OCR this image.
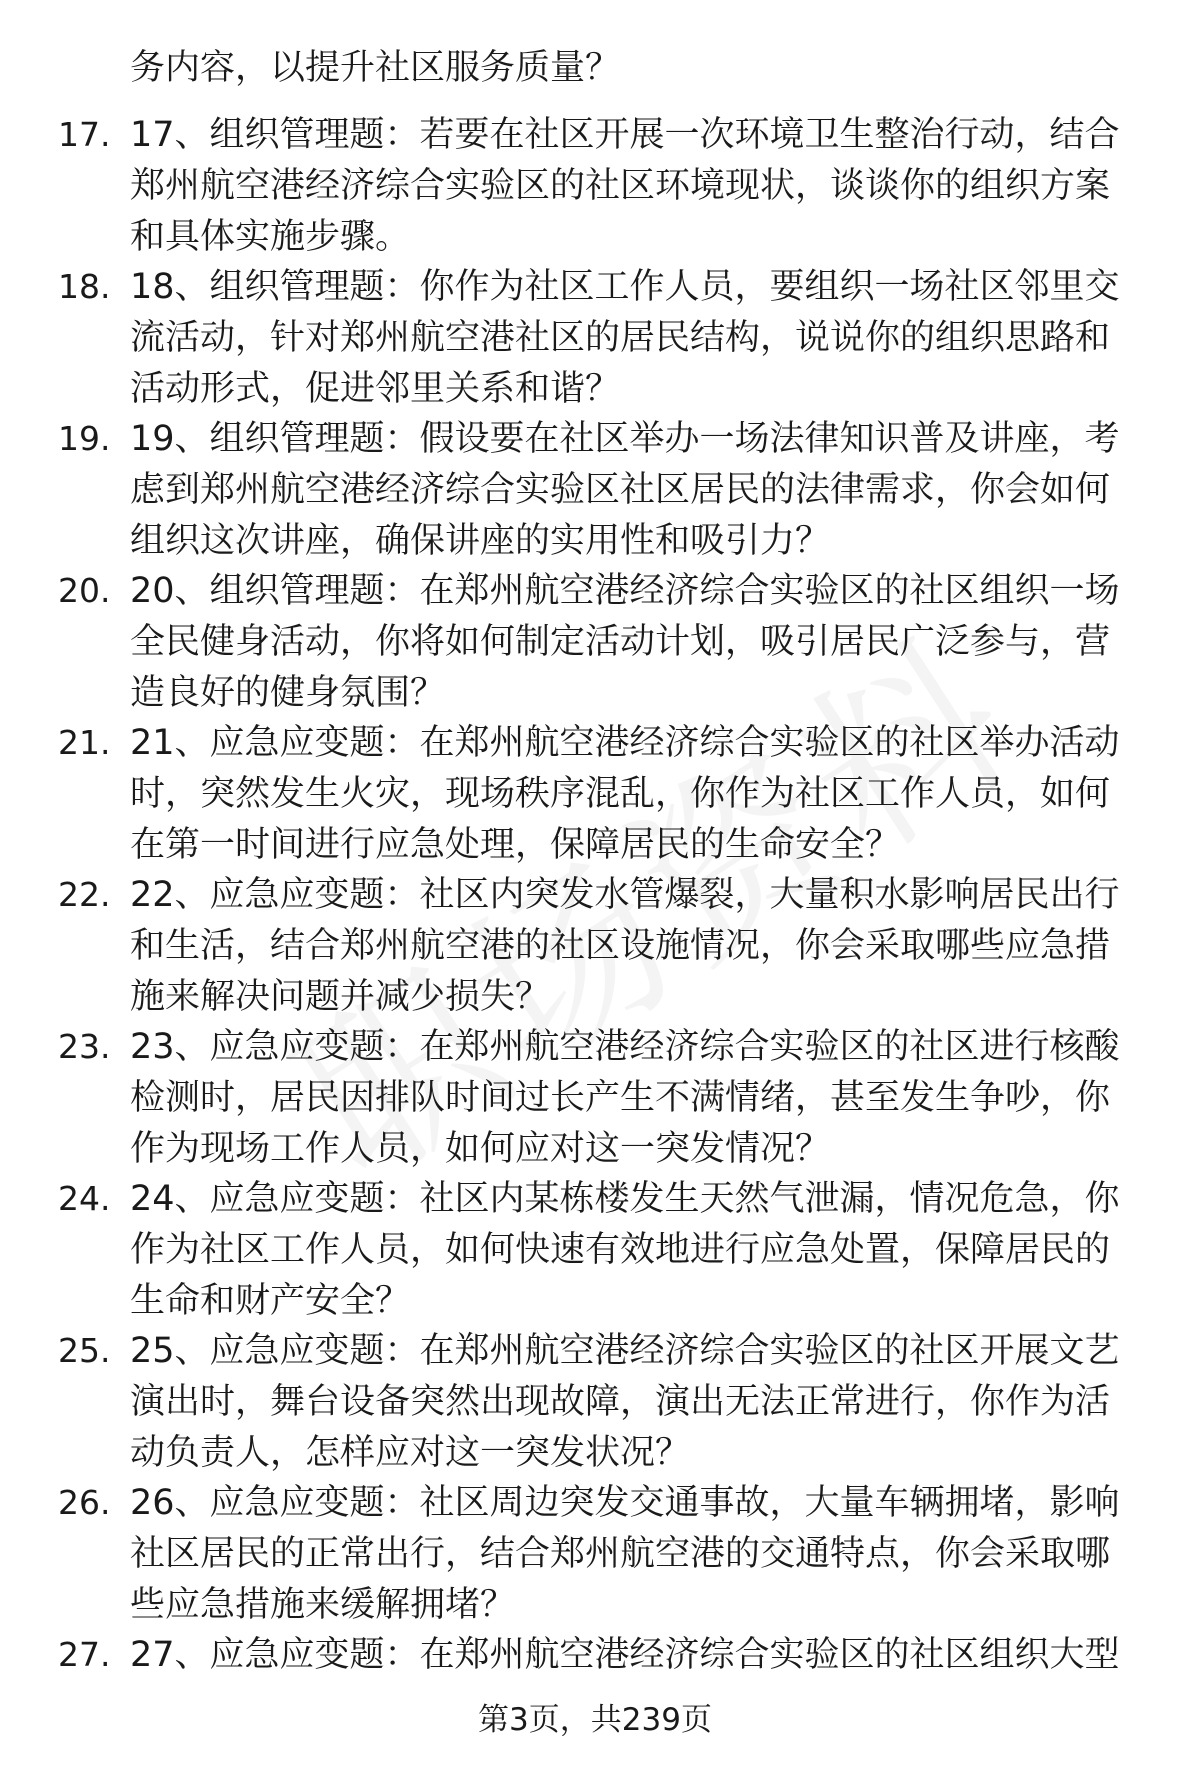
务内容，以提升社区服务质量？
17. 17、组织管理题：若要在社区开展一次环境卫生整治行动，结合
郑州航空港经济综合实验区的社区环境现状，谈谈你的组织方案
和具体实施步骤。
18. 18、组织管理题：你作为社区工作人员，要组织一场社区邻里交
流活动，针对郑州航空港社区的居民结构，说说你的组织思路和
活动形式，促进邻里关系和谐？
19. 19、组织管理题：假设要在社区举办一场法律知识普及讲座，考
虑到郑州航空港经济综合实验区社区居民的法律需求，你会如何
组织这次讲座，确保讲座的实用性和吸引力？
20. 20、组织管理题：在郑州航空港经济综合实验区的社区组织一场
全民健身活动，你将如何制定活动计划，吸引居民广泛参与，营
造良好的健身氛围？
21. 21、应急应变题：在郑州航空港经济综合实验区的社区举办活动
时，突然发生火灾，现场秩序混乱，你作为社区工作人员，如何
在第一时间进行应急处理，保障居民的生命安全？
22. 22、应急应变题：社区内突发水管爆裂，大量积水影响居民出行
和生活，结合郑州航空港的社区设施情况，你会采取哪些应急措
施来解决问题并减少损失？
23. 23、应急应变题：在郑州航空港经济综合实验区的社区进行核酸
检测时，居民因排队时间过长产生不满情绪，甚至发生争吵，你
作为现场工作人员，如何应对这一突发情况？
24. 24、应急应变题：社区内某栋楼发生天然气泄漏，情况危急，你
作为社区工作人员，如何快速有效地进行应急处置，保障居民的
生命和财产安全？
25. 25、应急应变题：在郑州航空港经济综合实验区的社区开展文艺
演出时，舞台设备突然出现故障，演出无法正常进行，你作为活
动负责人，怎样应对这一突发状况？
26. 26、应急应变题：社区周边突发交通事故，大量车辆拥堵，影响
社区居民的正常出行，结合郑州航空港的交通特点，你会采取哪
些应急措施来缓解拥堵？
27. 27、应急应变题：在郑州航空港经济综合实验区的社区组织大型
第3页，共239页
